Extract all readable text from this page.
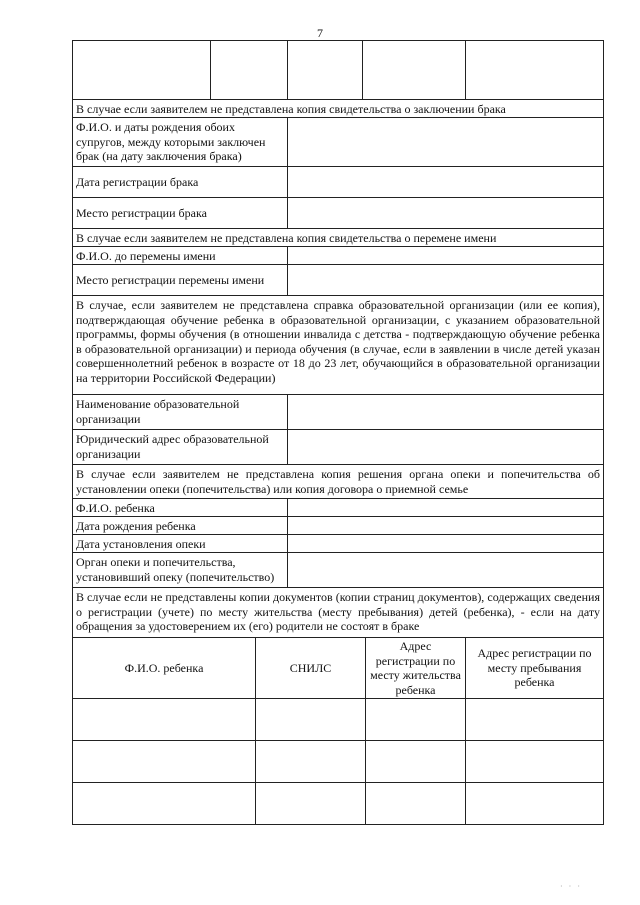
7
В случае если заявителем не представлена копия свидетельства о заключении брака
Ф.И.О. и даты рождения обоих супругов, между которыми заключен брак (на дату заключения брака)
Дата регистрации брака
Место регистрации брака
В случае если заявителем не представлена копия свидетельства о перемене имени
Ф.И.О. до перемены имени
Место регистрации перемены имени
В случае, если заявителем не представлена справка образовательной организации (или ее копия), подтверждающая обучение ребенка в образовательной организации, с указанием образовательной программы, формы обучения (в отношении инвалида с детства - подтверждающую обучение ребенка в образовательной организации) и периода обучения (в случае, если в заявлении в числе детей указан совершеннолетний ребенок в возрасте от 18 до 23 лет, обучающийся в образовательной организации на территории Российской Федерации)
Наименование образовательной организации
Юридический адрес образовательной организации
В случае если заявителем не представлена копия решения органа опеки и попечительства об установлении опеки (попечительства) или копия договора о приемной семье
Ф.И.О. ребенка
Дата рождения ребенка
Дата установления опеки
Орган опеки и попечительства, установивший опеку (попечительство)
В случае если не представлены копии документов (копии страниц документов), содержащих сведения о регистрации (учете) по месту жительства (месту пребывания) детей (ребенка), - если на дату обращения за удостоверением их (его) родители не состоят в браке
Ф.И.О. ребенка	СНИЛС
Адрес регистрации по месту жительства ребенка
Адрес регистрации по месту пребывания ребенка
· · ·
